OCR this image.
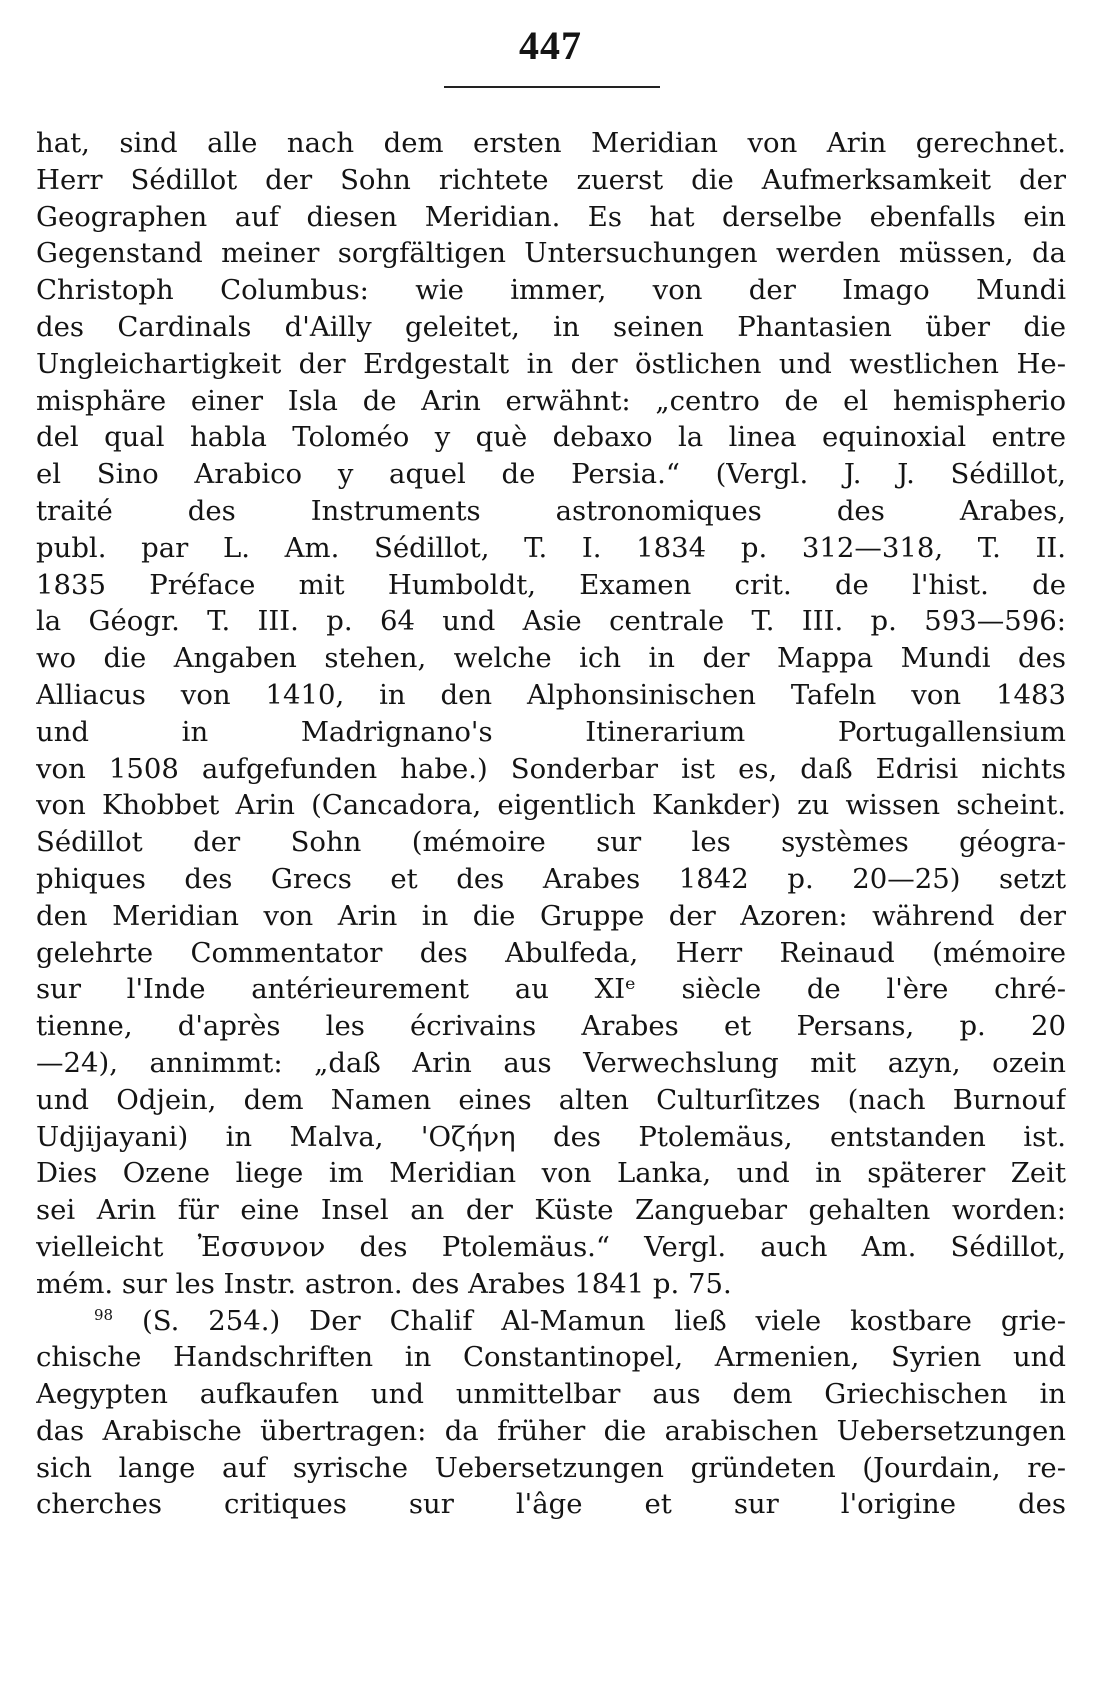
447
hat, sind alle nach dem ersten Meridian von Arin gerechnet.
Herr Sédillot der Sohn richtete zuerst die Aufmerksamkeit der
Geographen auf diesen Meridian. Es hat derselbe ebenfalls ein
Gegenstand meiner sorgfältigen Untersuchungen werden müssen, da
Christoph Columbus: wie immer, von der Imago Mundi
des Cardinals d'Ailly geleitet, in seinen Phantasien über die
Ungleichartigkeit der Erdgestalt in der östlichen und westlichen He-
misphäre einer Isla de Arin erwähnt: „centro de el hemispherio
del qual habla Toloméo y què debaxo la linea equinoxial entre
el Sino Arabico y aquel de Persia.“ (Vergl. J. J. Sédillot,
traité des Instruments astronomiques des Arabes,
publ. par L. Am. Sédillot, T. I. 1834 p. 312—318, T. II.
1835 Préface mit Humboldt, Examen crit. de l'hist. de
la Géogr. T. III. p. 64 und Asie centrale T. III. p. 593—596:
wo die Angaben stehen, welche ich in der Mappa Mundi des
Alliacus von 1410, in den Alphonsinischen Tafeln von 1483
und in Madrignano's Itinerarium Portugallensium
von 1508 aufgefunden habe.) Sonderbar ist es, daß Edrisi nichts
von Khobbet Arin (Cancadora, eigentlich Kankder) zu wissen scheint.
Sédillot der Sohn (mémoire sur les systèmes géogra-
phiques des Grecs et des Arabes 1842 p. 20—25) setzt
den Meridian von Arin in die Gruppe der Azoren: während der
gelehrte Commentator des Abulfeda, Herr Reinaud (mémoire
sur l'Inde antérieurement au XIᵉ siècle de l'ère chré-
tienne, d'après les écrivains Arabes et Persans, p. 20
—24), annimmt: „daß Arin aus Verwechslung mit azyn, ozein
und Odjein, dem Namen eines alten Culturſitzes (nach Burnouf
Udjijayani) in Malva, 'Οζήνη des Ptolemäus, entstanden ist.
Dies Ozene liege im Meridian von Lanka, und in späterer Zeit
sei Arin für eine Insel an der Küste Zanguebar gehalten worden:
vielleicht Ἐσσυνον des Ptolemäus.“ Vergl. auch Am. Sédillot,
mém. sur les Instr. astron. des Arabes 1841 p. 75.
$^{98}$ (S. 254.) Der Chalif Al-Mamun ließ viele kostbare grie-
chische Handschriften in Constantinopel, Armenien, Syrien und
Aegypten aufkaufen und unmittelbar aus dem Griechischen in
das Arabische übertragen: da früher die arabischen Uebersetzungen
sich lange auf syrische Uebersetzungen gründeten (Jourdain, re-
cherches critiques sur l'âge et sur l'origine des
